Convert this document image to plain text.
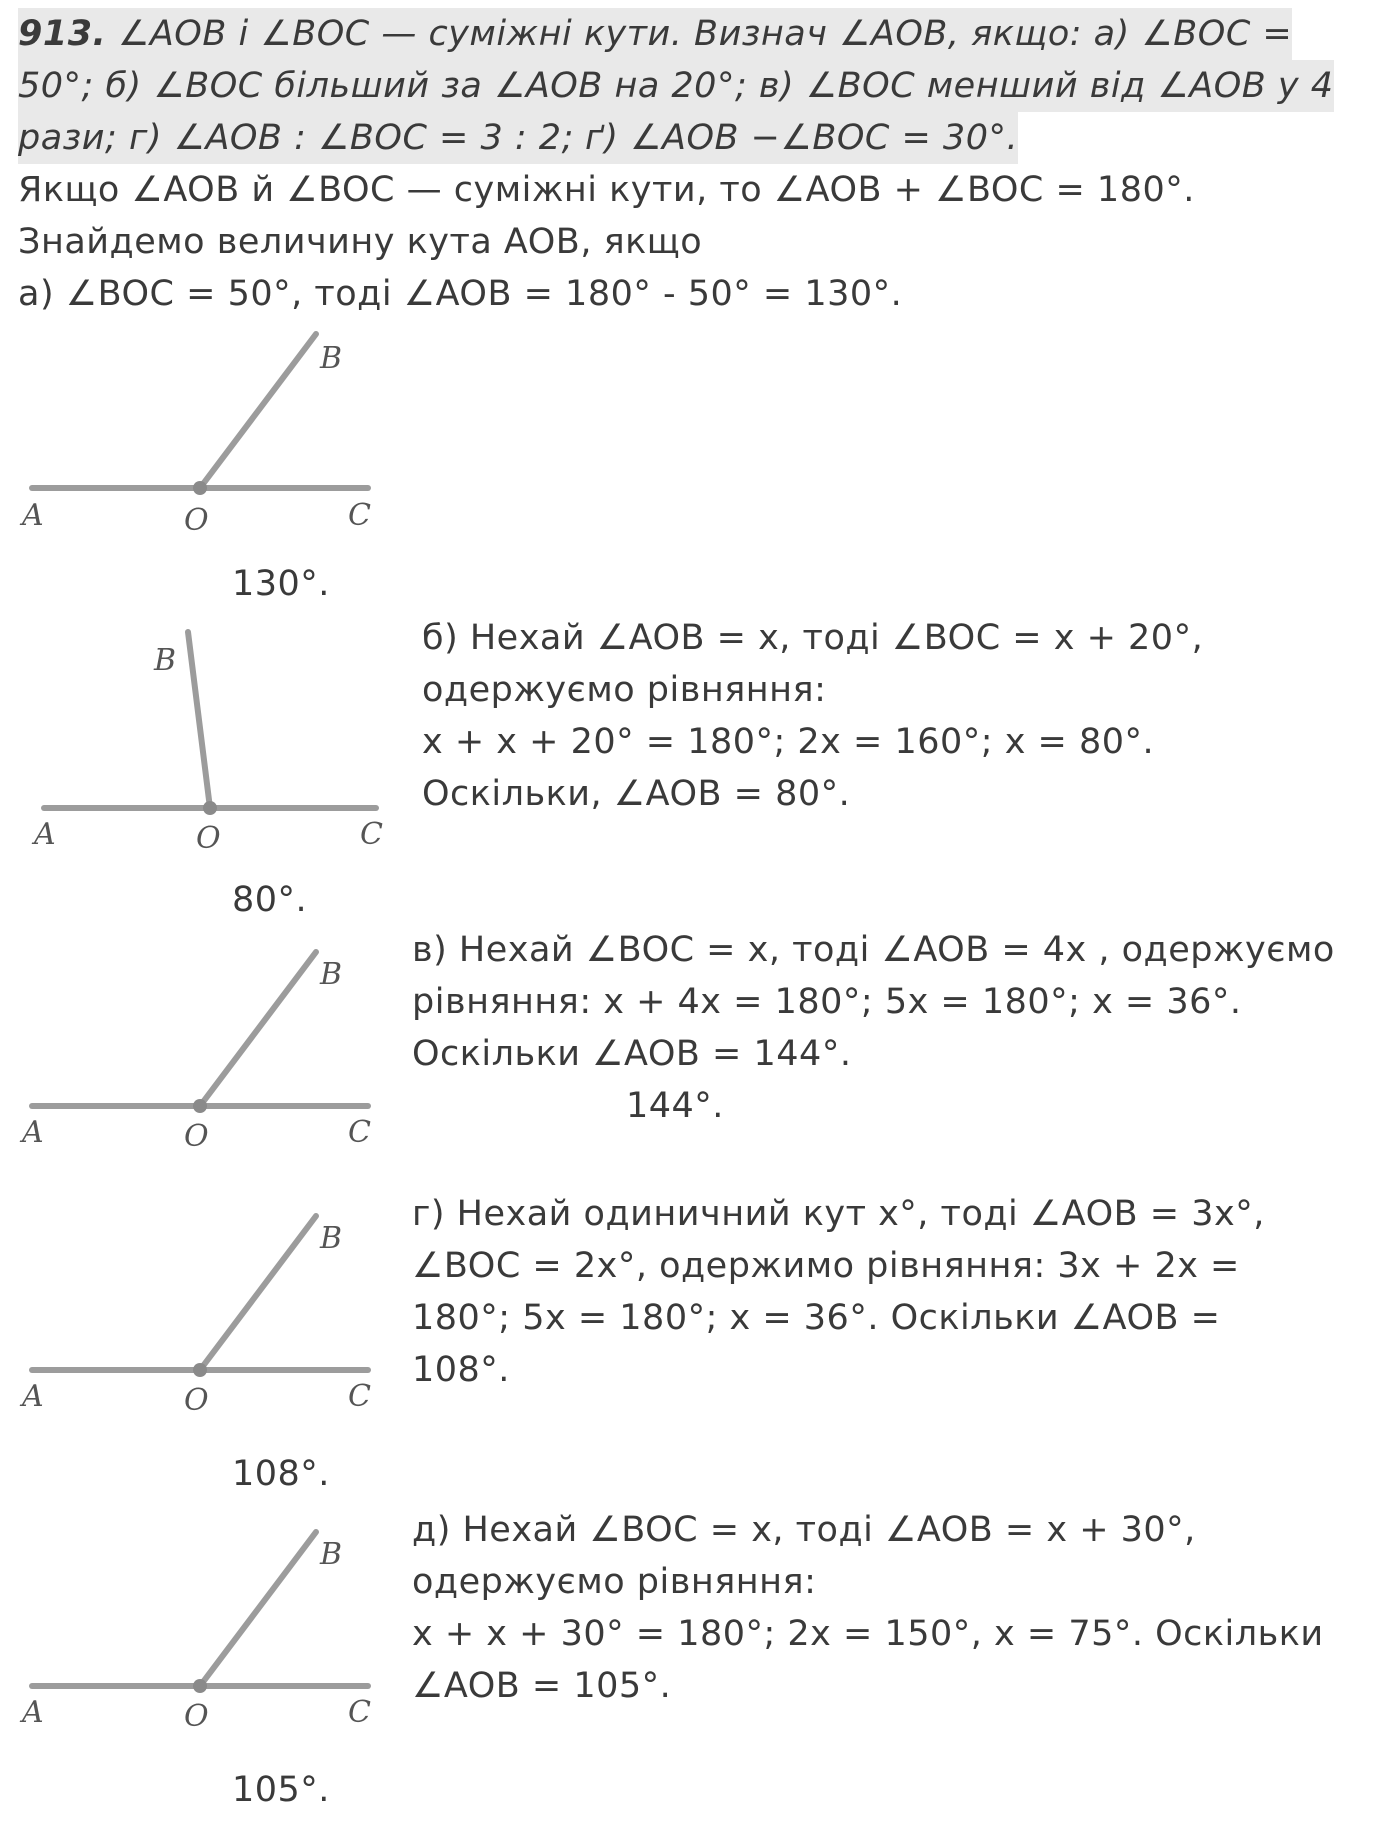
913. ∠AOB і ∠BOC — суміжні кути. Визнач ∠AOB, якщо: а) ∠BOC =
50°; б) ∠BOC більший за ∠AOB на 20°; в) ∠BOC менший від ∠AOB у 4
рази; г) ∠AOB : ∠BOC = 3 : 2; ґ) ∠AOB −∠BOC = 30°.
Якщо ∠AOB й ∠BOC — суміжні кути, то ∠AOB + ∠BOC = 180°.
Знайдемо величину кута AOB, якщо
а) ∠BOC = 50°, тоді ∠AOB = 180° - 50° = 130°.
A	O	C
B
130°.
A	O	C
B
б) Нехай ∠AOB = x, тоді ∠BOC = x + 20°,
одержуємо рівняння:
x + x + 20° = 180°; 2x = 160°; x = 80°.
Оскільки, ∠AOB = 80°.
80°.
A	O	C
B
в) Нехай ∠BOC = x, тоді ∠AOB = 4x , одержуємо
рівняння: x + 4x = 180°; 5x = 180°; x = 36°.
Оскільки ∠AOB = 144°.
144°.
A	O	C
B
г) Нехай одиничний кут x°, тоді ∠AOB = 3x°,
∠BOC = 2x°, одержимо рівняння: 3x + 2x =
180°; 5x = 180°; x = 36°. Оскільки ∠AOB =
108°.
108°.
A	O	C
B
д) Нехай ∠BOC = x, тоді ∠AOB = x + 30°,
одержуємо рівняння:
x + x + 30° = 180°; 2x = 150°, x = 75°. Оскільки
∠AOB = 105°.
105°.
